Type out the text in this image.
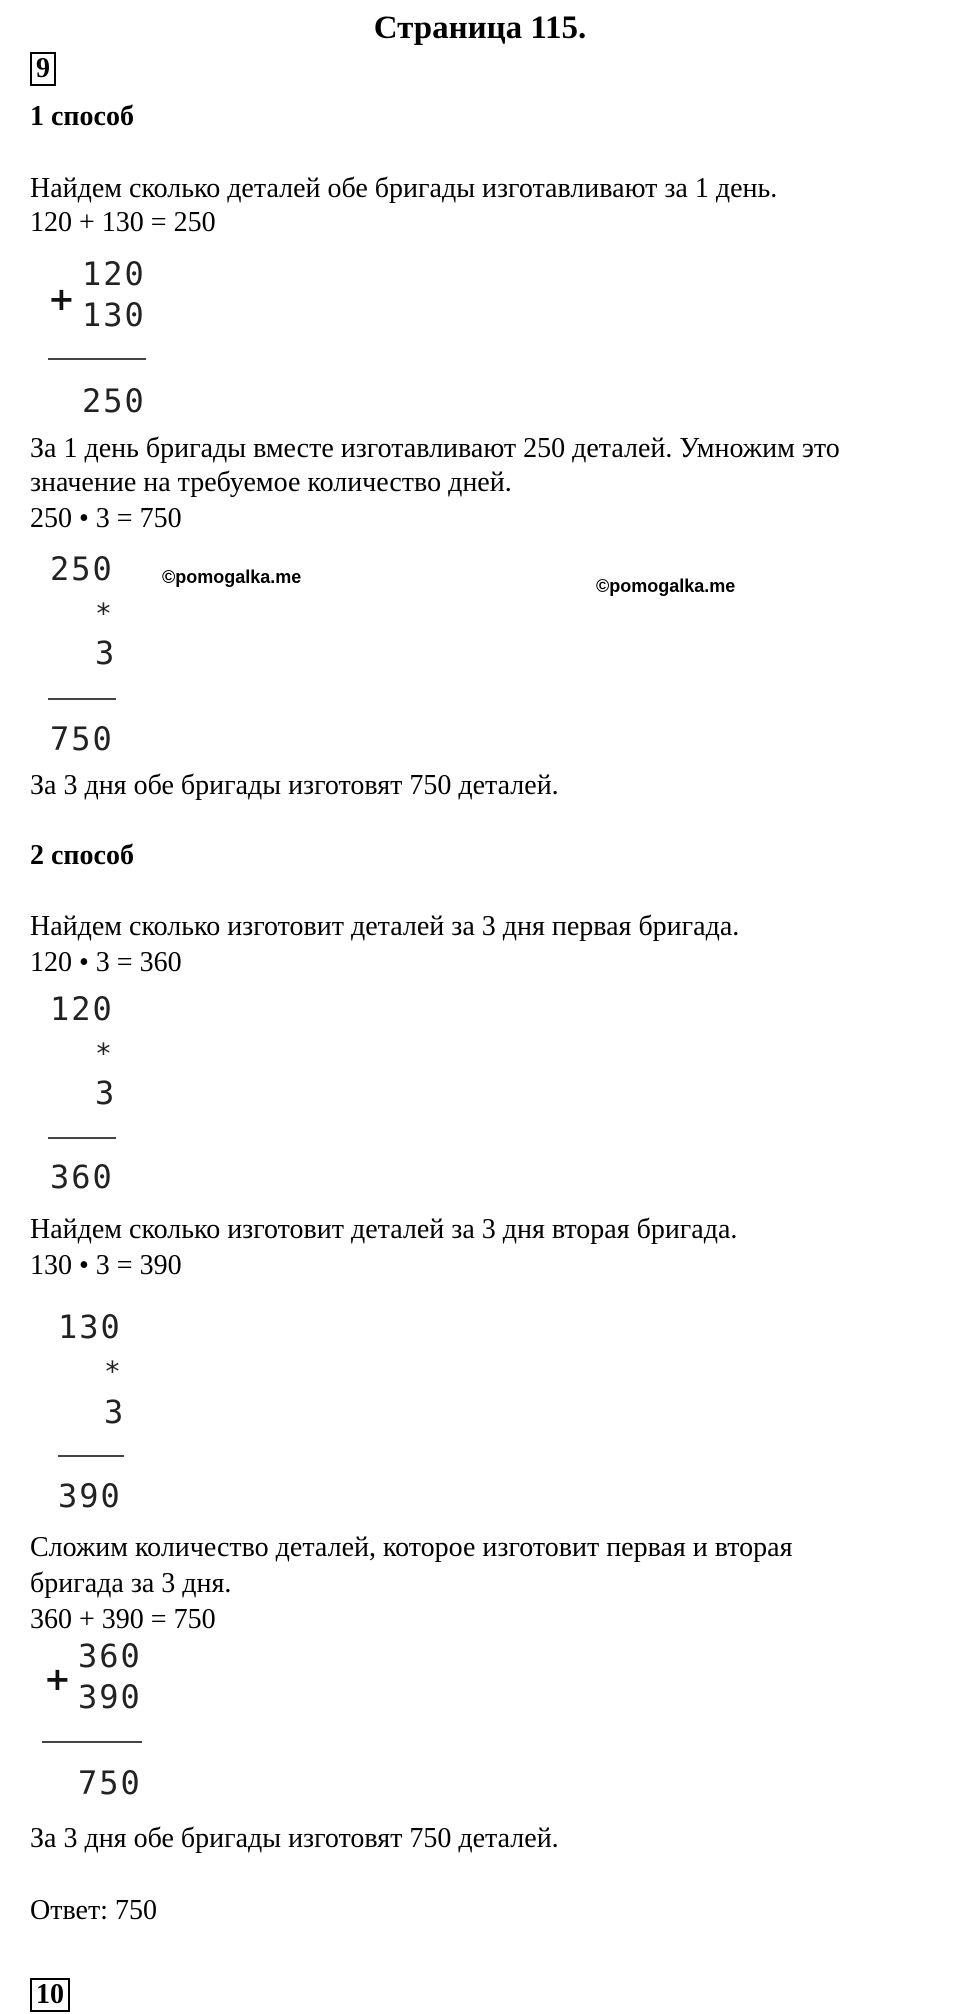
Страница 115.
9
1 способ
Найдем сколько деталей обе бригады изготавливают за 1 день.
120 + 130 = 250
+
120
130
250
За 1 день бригады вместе изготавливают 250 деталей. Умножим это
значение на требуемое количество дней.
250 • 3 = 750
250
*
3
750
©pomogalka.me	©pomogalka.me
За 3 дня обе бригады изготовят 750 деталей.
2 способ
Найдем сколько изготовит деталей за 3 дня первая бригада.
120 • 3 = 360
120
*
3
360
Найдем сколько изготовит деталей за 3 дня вторая бригада.
130 • 3 = 390
130
*
3
390
Сложим количество деталей, которое изготовит первая и вторая
бригада за 3 дня.
360 + 390 = 750
+
360
390
750
За 3 дня обе бригады изготовят 750 деталей.
Ответ: 750
10
